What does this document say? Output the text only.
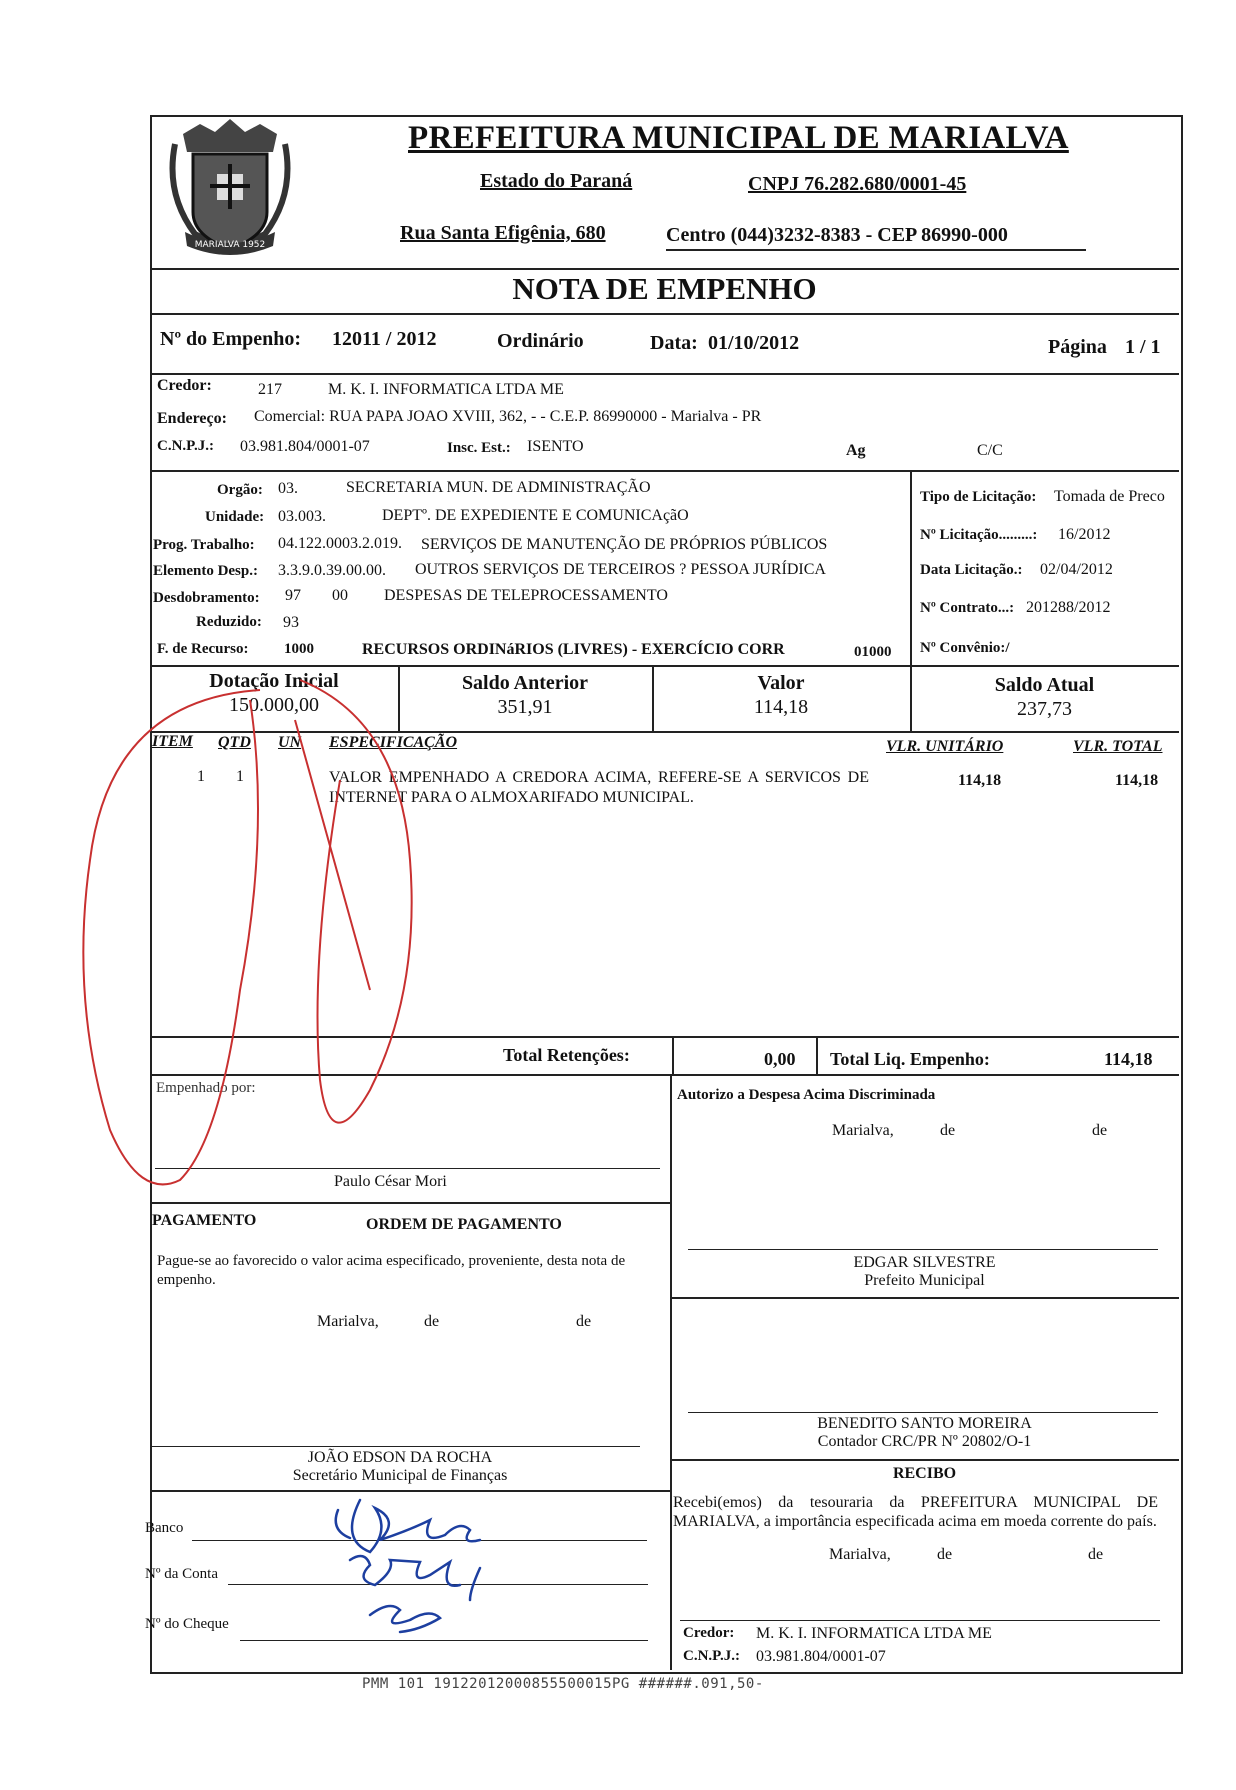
MARIALVA 1952
PREFEITURA MUNICIPAL DE MARIALVA
Estado do Paraná	CNPJ 76.282.680/0001-45
Rua Santa Efigênia, 680	Centro (044)3232-8383 - CEP 86990-000
NOTA DE EMPENHO
Nº do Empenho: 12011 / 2012	Ordinário	Data: 01/10/2012	Página 1 / 1
Credor:	217	M. K. I. INFORMATICA LTDA ME
Endereço: Comercial: RUA PAPA JOAO XVIII, 362, - - C.E.P. 86990000 - Marialva - PR
C.N.P.J.: 03.981.804/0001-07	Insc. Est.: ISENTO	Ag	C/C
Orgão: 03.	SECRETARIA MUN. DE ADMINISTRAÇÃO
Unidade: 03.003.	DEPTº. DE EXPEDIENTE E COMUNICAçãO
Prog. Trabalho: 04.122.0003.2.019. SERVIÇOS DE MANUTENÇÃO DE PRÓPRIOS PÚBLICOS
Elemento Desp.: 3.3.9.0.39.00.00. OUTROS SERVIÇOS DE TERCEIROS ? PESSOA JURÍDICA
Desdobramento: 97 00 DESPESAS DE TELEPROCESSAMENTO
Reduzido: 93
F. de Recurso: 1000	RECURSOS ORDINáRIOS (LIVRES) - EXERCÍCIO CORR	01000
Tipo de Licitação: Tomada de Preco
Nº Licitação.........: 16/2012
Data Licitação.: 02/04/2012
Nº Contrato...: 201288/2012
Nº Convênio:/
Dotação Inicial
150.000,00
Saldo Anterior
351,91
Valor
114,18
Saldo Atual
237,73
ITEM QTD UN ESPECIFICAÇÃO	VLR. UNITÁRIO	VLR. TOTAL
1 1	VALOR EMPENHADO A CREDORA ACIMA, REFERE-SE A SERVICOS DE INTERNET PARA O ALMOXARIFADO MUNICIPAL.
114,18	114,18
Total Retenções:	0,00 Total Liq. Empenho:	114,18
Empenhado por:
Paulo César Mori
Autorizo a Despesa Acima Discriminada
Marialva,	de	de
PAGAMENTO	ORDEM DE PAGAMENTO
Pague-se ao favorecido o valor acima especificado, proveniente, desta nota de empenho.
Marialva,	de	de
EDGAR SILVESTRE
Prefeito Municipal
BENEDITO SANTO MOREIRA
Contador CRC/PR Nº 20802/O-1
JOÃO EDSON DA ROCHA
Secretário Municipal de Finanças
Banco
Nº da Conta
Nº do Cheque
RECIBO
Recebi(emos) da tesouraria da PREFEITURA MUNICIPAL DE MARIALVA, a importância especificada acima em moeda corrente do país.
Marialva,	de	de
Credor: M. K. I. INFORMATICA LTDA ME
C.N.P.J.: 03.981.804/0001-07
PMM 101 19122012000855500015PG ######.091,50-
